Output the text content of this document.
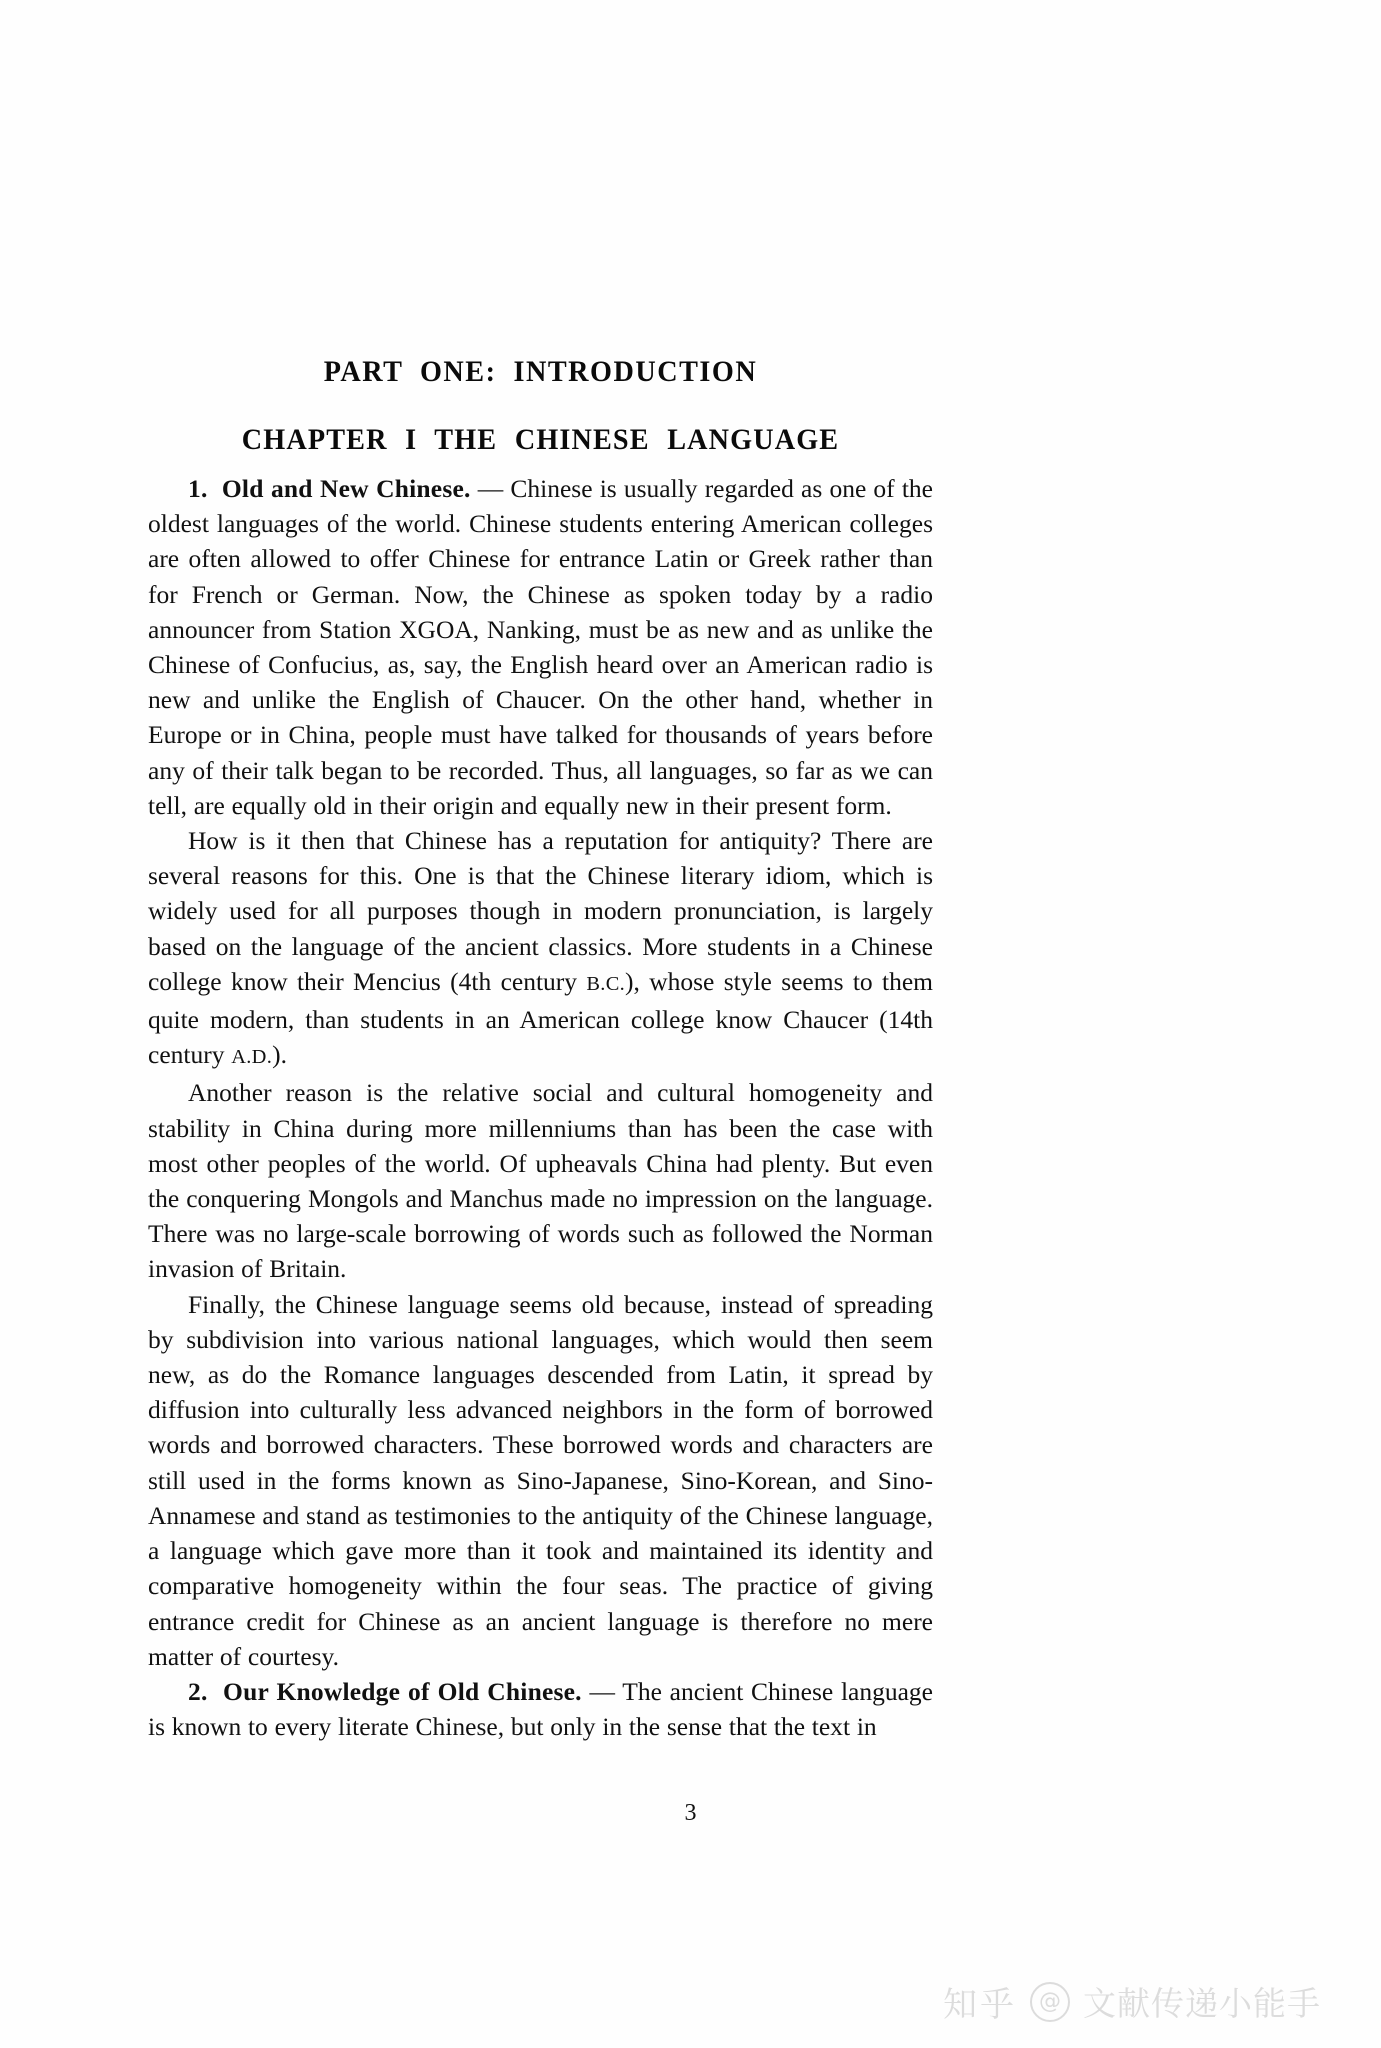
PART ONE: INTRODUCTION
CHAPTER I THE CHINESE LANGUAGE

1. Old and New Chinese. — Chinese is usually regarded as one of the oldest languages of the world. Chinese students entering American colleges are often allowed to offer Chinese for entrance Latin or Greek rather than for French or German. Now, the Chinese as spoken today by a radio announcer from Station XGOA, Nanking, must be as new and as unlike the Chinese of Confucius, as, say, the English heard over an American radio is new and unlike the English of Chaucer. On the other hand, whether in Europe or in China, people must have talked for thousands of years before any of their talk began to be recorded. Thus, all languages, so far as we can tell, are equally old in their origin and equally new in their present form.

How is it then that Chinese has a reputation for antiquity? There are several reasons for this. One is that the Chinese literary idiom, which is widely used for all purposes though in modern pronunciation, is largely based on the language of the ancient classics. More students in a Chinese college know their Mencius (4th century B.C.), whose style seems to them quite modern, than students in an American college know Chaucer (14th century A.D.).

Another reason is the relative social and cultural homogeneity and stability in China during more millenniums than has been the case with most other peoples of the world. Of upheavals China had plenty. But even the conquering Mongols and Manchus made no impression on the language. There was no large-scale borrowing of words such as followed the Norman invasion of Britain.

Finally, the Chinese language seems old because, instead of spreading by subdivision into various national languages, which would then seem new, as do the Romance languages descended from Latin, it spread by diffusion into culturally less advanced neighbors in the form of borrowed words and borrowed characters. These borrowed words and characters are still used in the forms known as Sino-Japanese, Sino-Korean, and Sino-Annamese and stand as testimonies to the antiquity of the Chinese language, a language which gave more than it took and maintained its identity and comparative homogeneity within the four seas. The practice of giving entrance credit for Chinese as an ancient language is therefore no mere matter of courtesy.

2. Our Knowledge of Old Chinese. — The ancient Chinese language is known to every literate Chinese, but only in the sense that the text in

3
知乎	@ 文献传递小能手
